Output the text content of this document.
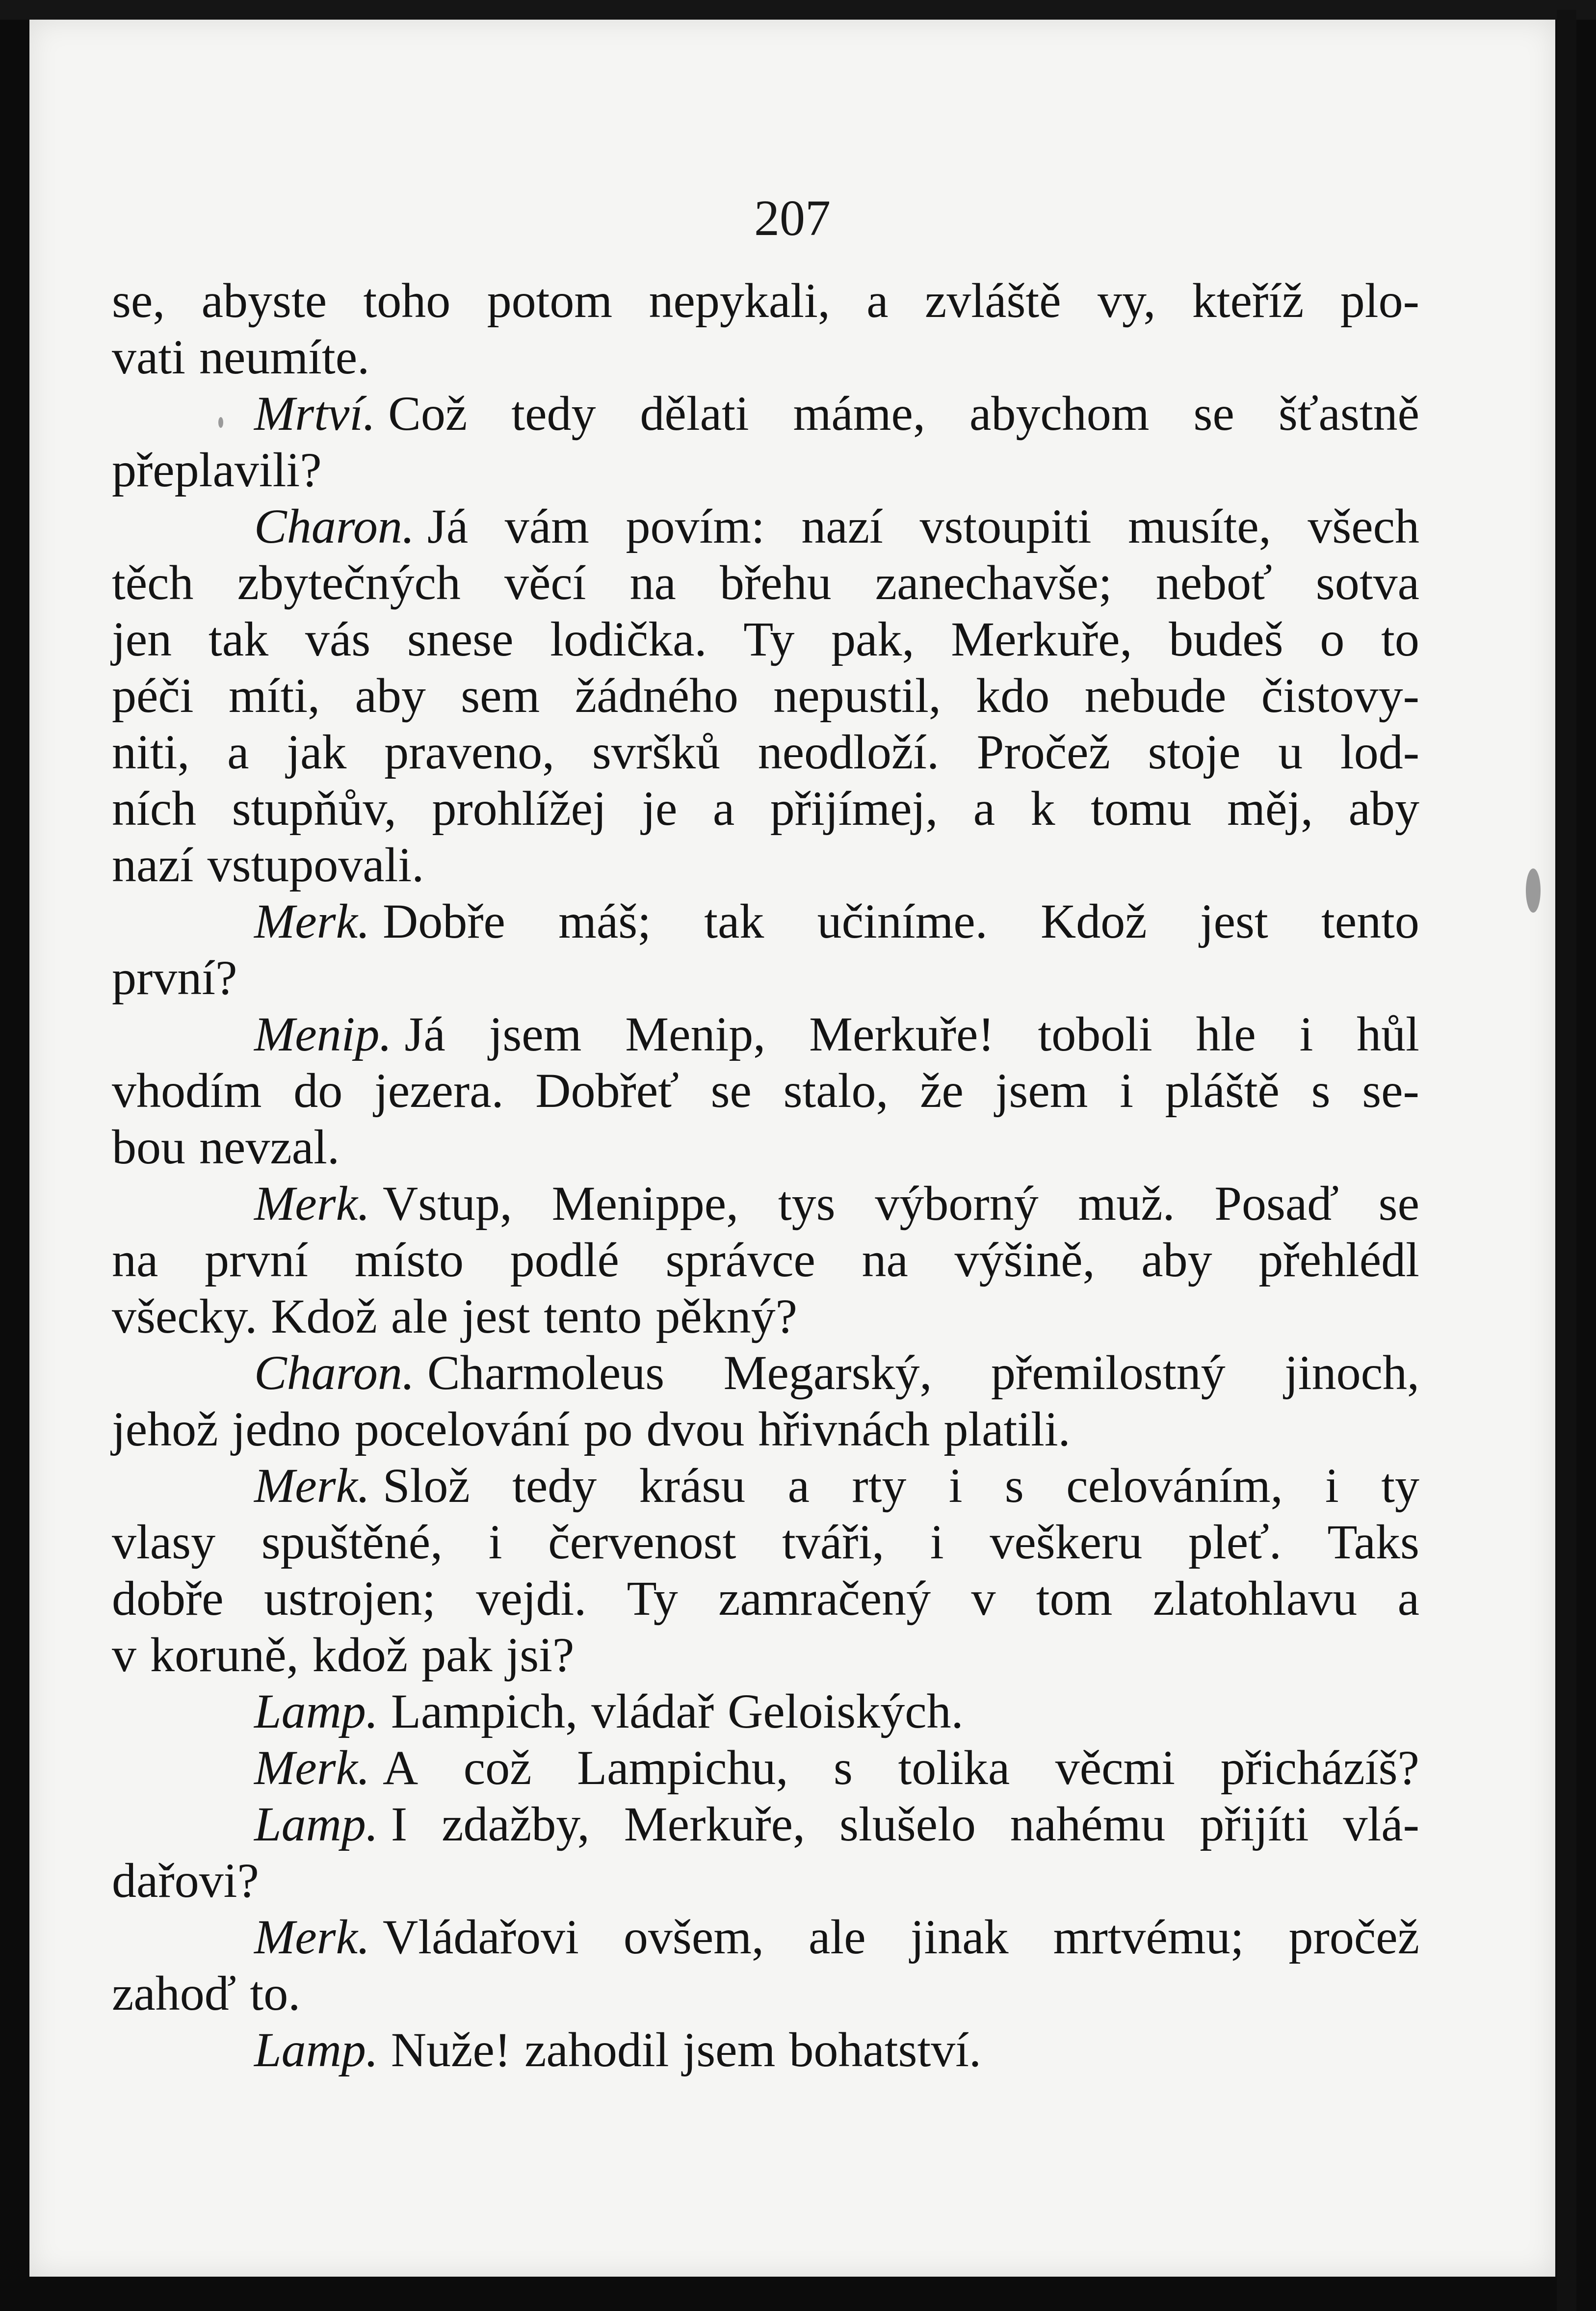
207
se, abyste toho potom nepykali, a zvláště vy, kteříž plo-
vati neumíte.
Mrtví. Což tedy dělati máme, abychom se šťastně
přeplavili?
Charon. Já vám povím: nazí vstoupiti musíte, všech
těch zbytečných věcí na břehu zanechavše; neboť sotva
jen tak vás snese lodička. Ty pak, Merkuře, budeš o to
péči míti, aby sem žádného nepustil, kdo nebude čistovy-
niti, a jak praveno, svršků neodloží. Pročež stoje u lod-
ních stupňův, prohlížej je a přijímej, a k tomu měj, aby
nazí vstupovali.
Merk. Dobře máš; tak učiníme. Kdož jest tento
první?
Menip. Já jsem Menip, Merkuře! toboli hle i hůl
vhodím do jezera. Dobřeť se stalo, že jsem i pláště s se-
bou nevzal.
Merk. Vstup, Menippe, tys výborný muž. Posaď se
na první místo podlé správce na výšině, aby přehlédl
všecky. Kdož ale jest tento pěkný?
Charon. Charmoleus Megarský, přemilostný jinoch,
jehož jedno pocelování po dvou hřivnách platili.
Merk. Slož tedy krásu a rty i s celováním, i ty
vlasy spuštěné, i červenost tváři, i veškeru pleť. Taks
dobře ustrojen; vejdi. Ty zamračený v tom zlatohlavu a
v koruně, kdož pak jsi?
Lamp. Lampich, vládař Geloiských.
Merk. A což Lampichu, s tolika věcmi přicházíš?
Lamp. I zdažby, Merkuře, slušelo nahému přijíti vlá-
dařovi?
Merk. Vládařovi ovšem, ale jinak mrtvému; pročež
zahoď to.
Lamp. Nuže! zahodil jsem bohatství.
